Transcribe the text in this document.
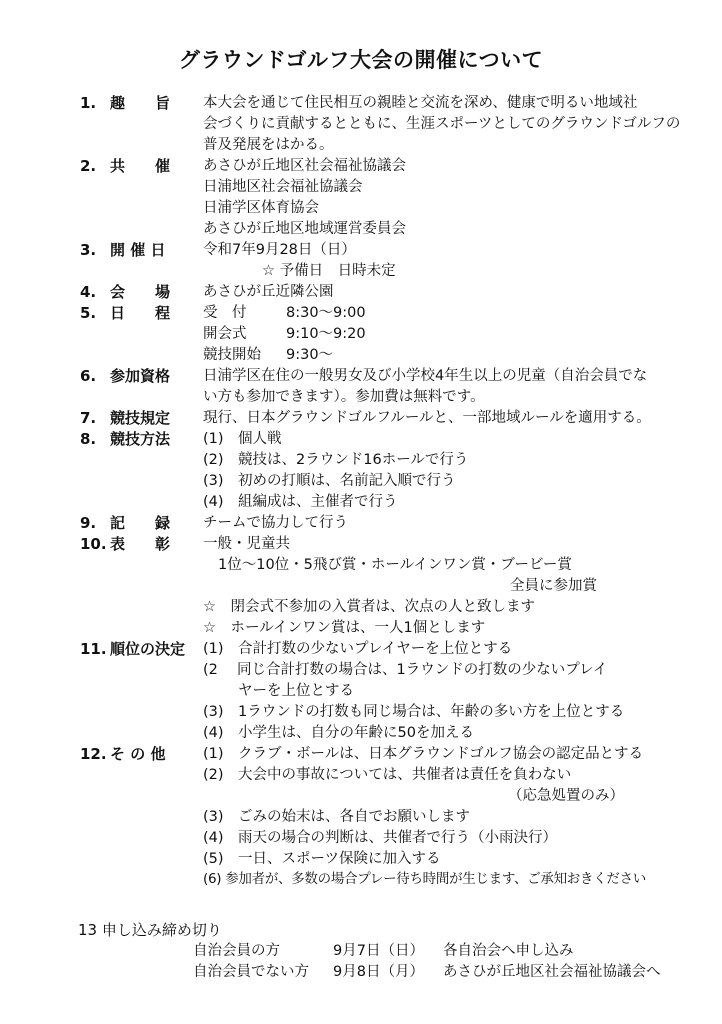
グラウンドゴルフ大会の開催について
1. 趣　　旨 本大会を通じて住民相互の親睦と交流を深め、健康で明るい地域社
会づくりに貢献するとともに、生涯スポーツとしてのグラウンドゴルフの
普及発展をはかる。
2. 共　　催 あさひが丘地区社会福祉協議会
日浦地区社会福祉協議会
日浦学区体育協会
あさひが丘地区地域運営委員会
3. 開 催 日	令和7年9月28日（日）
☆ 予備日　日時未定
4. 会　　場 あさひが丘近隣公園
5. 日　　程 受　付	8:30～9:00
開会式	9:10～9:20
競技開始 9:30～
6. 参加資格 日浦学区在住の一般男女及び小学校4年生以上の児童（自治会員でな
い方も参加できます）。参加費は無料です。
7. 競技規定 現行、日本グラウンドゴルフルールと、一部地域ルールを適用する。
8. 競技方法 (1)　個人戦
(2)　競技は、2ラウンド16ホールで行う
(3)　初めの打順は、名前記入順で行う
(4)　組編成は、主催者で行う
9. 記　　録 チームで協力して行う
10. 表　　彰 一般・児童共
1位～10位・5飛び賞・ホールインワン賞・ブービー賞
全員に参加賞
☆　閉会式不参加の入賞者は、次点の人と致します
☆　ホールインワン賞は、一人1個とします
11. 順位の決定 (1)　合計打数の少ないプレイヤーを上位とする
(2　 同じ合計打数の場合は、1ラウンドの打数の少ないプレイ
ヤーを上位とする
(3)　1ラウンドの打数も同じ場合は、年齢の多い方を上位とする
(4)　小学生は、自分の年齢に50を加える
12. そ の 他	(1)　クラブ・ボールは、日本グラウンドゴルフ協会の認定品とする
(2)　大会中の事故については、共催者は責任を負わない
（応急処置のみ）
(3)　ごみの始末は、各自でお願いします
(4)　雨天の場合の判断は、共催者で行う（小雨決行）
(5)　一日、スポーツ保険に加入する
(6) 参加者が、多数の場合プレー待ち時間が生じます、ご承知おきください
13 申し込み締め切り
自治会員の方	9月7日（日） 各自治会へ申し込み
自治会員でない方 9月8日（月） あさひが丘地区社会福祉協議会へ
